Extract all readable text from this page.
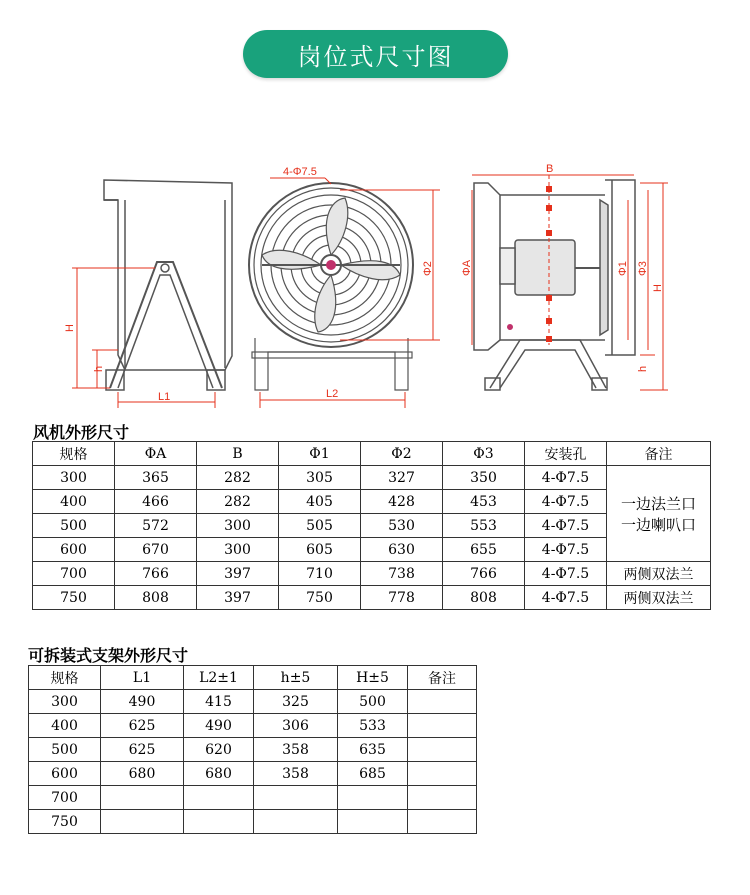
岗位式尺寸图
H
h
L1
4-Φ7.5
Φ2
L2
B
ΦA	Φ1 Φ3
H
h
风机外形尺寸
规格	ΦA	B	Φ1	Φ2	Φ3	安装孔	备注
300	365	282	305	327	350	4-Φ7.5	一边法兰口
一边喇叭口

400	466	282	405	428	453	4-Φ7.5	
500	572	300	505	530	553	4-Φ7.5	
600	670	300	605	630	655	4-Φ7.5	
700	766	397	710	738	766	4-Φ7.5	两侧双法兰
750	808	397	750	778	808	4-Φ7.5	两侧双法兰
可拆装式支架外形尺寸
规格	L1	L2±1	h±5	H±5	备注
300	490	415	325	500	
400	625	490	306	533	
500	625	620	358	635	
600	680	680	358	685	
700					
750					
